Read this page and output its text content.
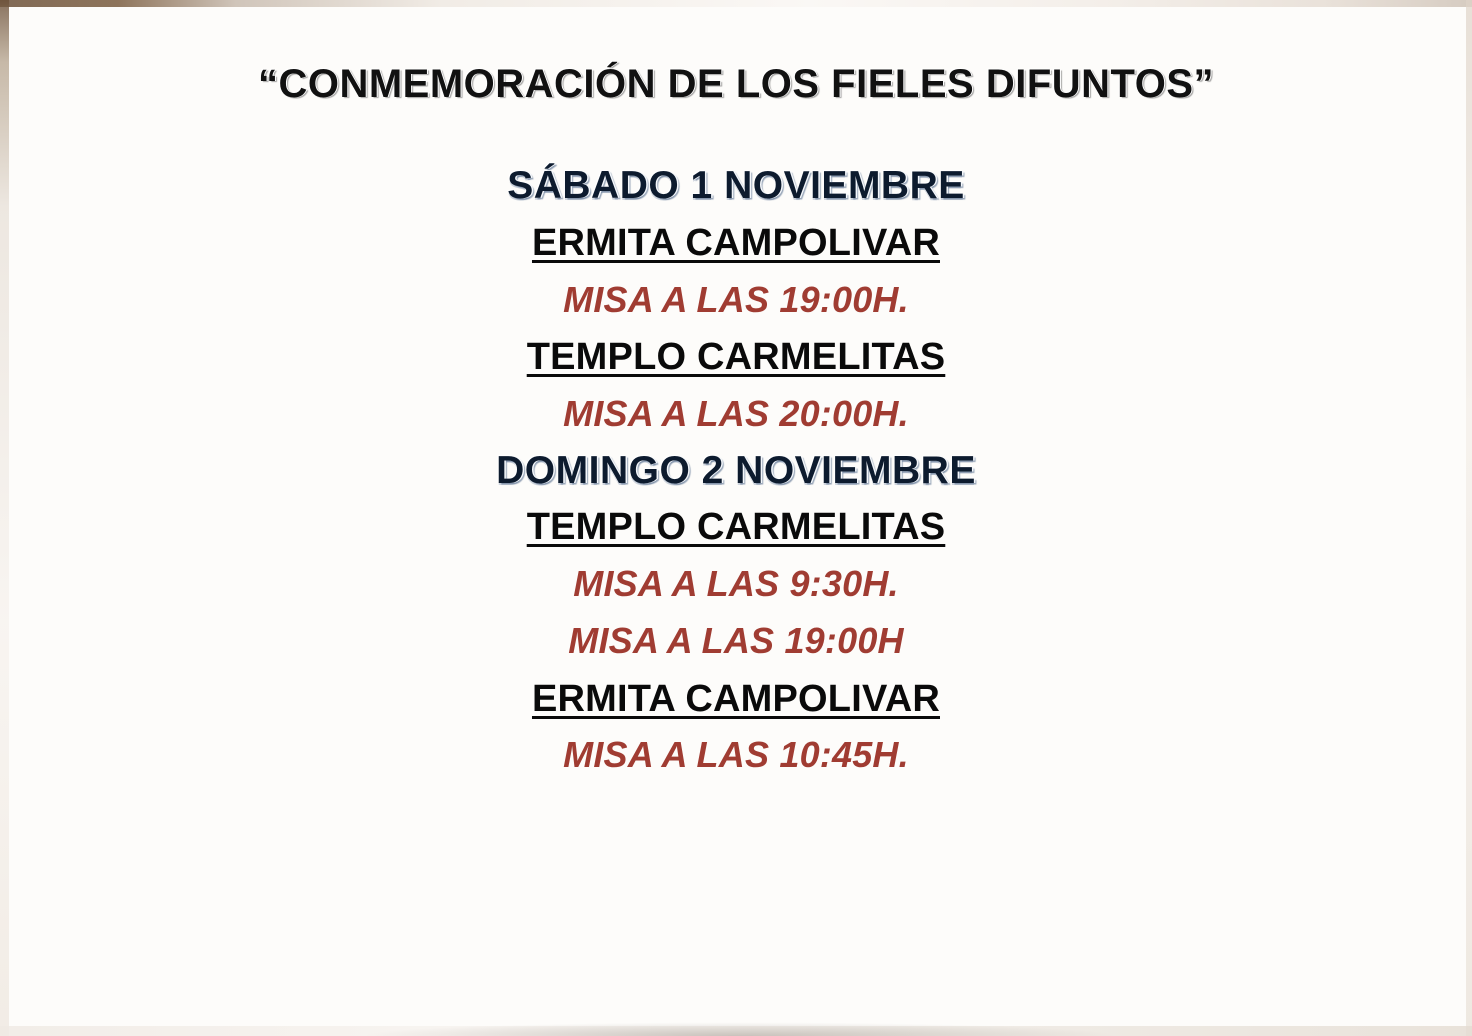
“CONMEMORACIÓN DE LOS FIELES DIFUNTOS”
SÁBADO 1 NOVIEMBRE
ERMITA CAMPOLIVAR
MISA A LAS 19:00H.
TEMPLO CARMELITAS
MISA A LAS 20:00H.
DOMINGO 2 NOVIEMBRE
TEMPLO CARMELITAS
MISA A LAS 9:30H.
MISA A LAS 19:00H
ERMITA CAMPOLIVAR
MISA A LAS 10:45H.
